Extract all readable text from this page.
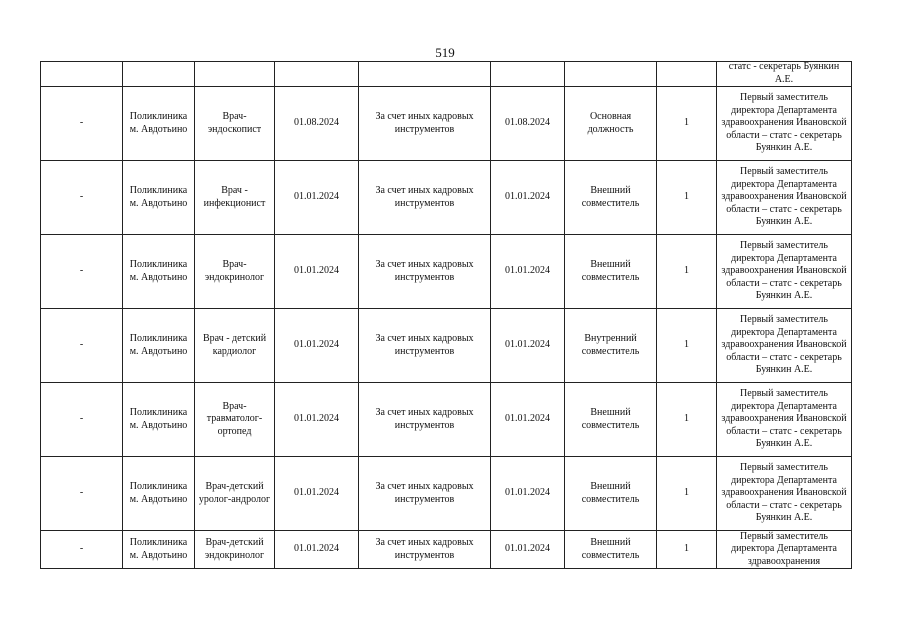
519

								статс - секретарь Буянкин А.Е.

-	Поликлиника м. Авдотьино	Врач-эндоскопист	01.08.2024	За счет иных кадровых инструментов	01.08.2024	Основная должность	1	Первый заместитель директора Департамента здравоохранения Ивановской области – статс - секретарь Буянкин А.Е.
-	Поликлиника м. Авдотьино	Врач - инфекционист	01.01.2024	За счет иных кадровых инструментов	01.01.2024	Внешний совместитель	1	Первый заместитель директора Департамента здравоохранения Ивановской области – статс - секретарь Буянкин А.Е.
-	Поликлиника м. Авдотьино	Врач-эндокринолог	01.01.2024	За счет иных кадровых инструментов	01.01.2024	Внешний совместитель	1	Первый заместитель директора Департамента здравоохранения Ивановской области – статс - секретарь Буянкин А.Е.
-	Поликлиника м. Авдотьино	Врач - детский кардиолог	01.01.2024	За счет иных кадровых инструментов	01.01.2024	Внутренний совместитель	1	Первый заместитель директора Департамента здравоохранения Ивановской области – статс - секретарь Буянкин А.Е.
-	Поликлиника м. Авдотьино	Врач-травматолог-ортопед	01.01.2024	За счет иных кадровых инструментов	01.01.2024	Внешний совместитель	1	Первый заместитель директора Департамента здравоохранения Ивановской области – статс - секретарь Буянкин А.Е.
-	Поликлиника м. Авдотьино	Врач-детский уролог-андролог	01.01.2024	За счет иных кадровых инструментов	01.01.2024	Внешний совместитель	1	Первый заместитель директора Департамента здравоохранения Ивановской области – статс - секретарь Буянкин А.Е.

-	Поликлиника м. Авдотьино	Врач-детский эндокринолог	01.01.2024	За счет иных кадровых инструментов	01.01.2024	Внешний совместитель	1	Первый заместитель директора Департамента здравоохранения
